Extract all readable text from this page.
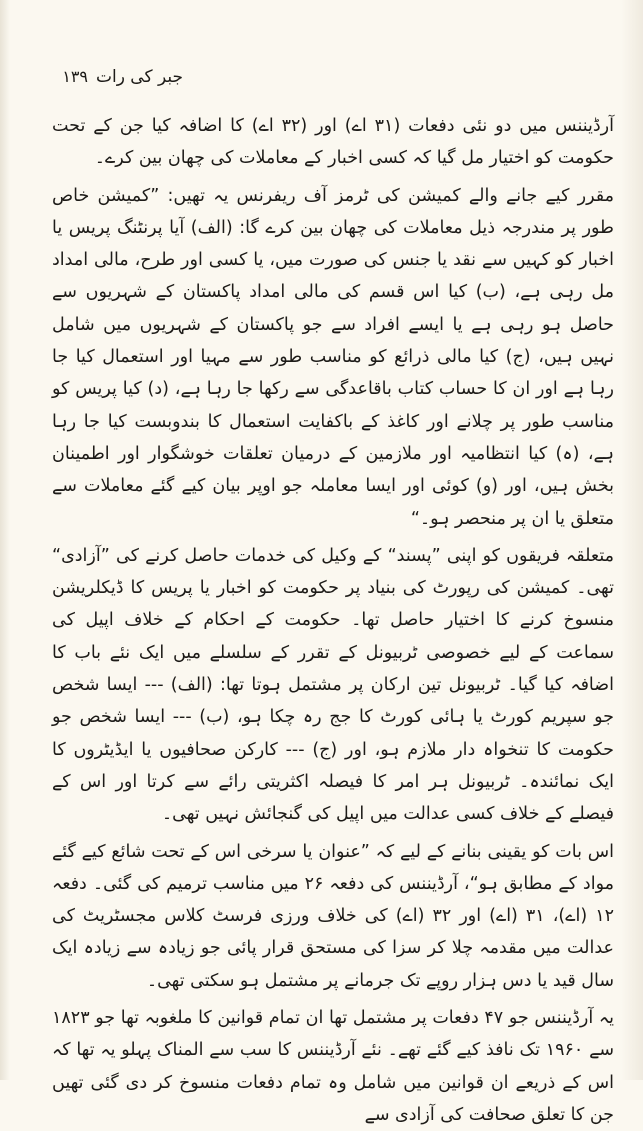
جبر کی رات
۱۳۹

آرڈیننس میں دو نئی دفعات (۳۱ اے) اور (۳۲ اے) کا اضافہ کیا جن کے تحت حکومت کو اختیار مل گیا کہ کسی اخبار کے معاملات کی چھان بین کرے۔

مقرر کیے جانے والے کمیشن کی ٹرمز آف ریفرنس یہ تھیں: ”کمیشن خاص طور پر مندرجہ ذیل معاملات کی چھان بین کرے گا: (الف) آیا پرنٹنگ پریس یا اخبار کو کہیں سے نقد یا جنس کی صورت میں، یا کسی اور طرح، مالی امداد مل رہی ہے، (ب) کیا اس قسم کی مالی امداد پاکستان کے شہریوں سے حاصل ہو رہی ہے یا ایسے افراد سے جو پاکستان کے شہریوں میں شامل نہیں ہیں، (ج) کیا مالی ذرائع کو مناسب طور سے مہیا اور استعمال کیا جا رہا ہے اور ان کا حساب کتاب باقاعدگی سے رکھا جا رہا ہے، (د) کیا پریس کو مناسب طور پر چلانے اور کاغذ کے باکفایت استعمال کا بندوبست کیا جا رہا ہے، (ہ) کیا انتظامیہ اور ملازمین کے درمیان تعلقات خوشگوار اور اطمینان بخش ہیں، اور (و) کوئی اور ایسا معاملہ جو اوپر بیان کیے گئے معاملات سے متعلق یا ان پر منحصر ہو۔“

متعلقہ فریقوں کو اپنی ”پسند“ کے وکیل کی خدمات حاصل کرنے کی ”آزادی“ تھی۔ کمیشن کی رپورٹ کی بنیاد پر حکومت کو اخبار یا پریس کا ڈیکلریشن منسوخ کرنے کا اختیار حاصل تھا۔ حکومت کے احکام کے خلاف اپیل کی سماعت کے لیے خصوصی ٹربیونل کے تقرر کے سلسلے میں ایک نئے باب کا اضافہ کیا گیا۔ ٹربیونل تین ارکان پر مشتمل ہوتا تھا: (الف) --- ایسا شخص جو سپریم کورٹ یا ہائی کورٹ کا جج رہ چکا ہو، (ب) --- ایسا شخص جو حکومت کا تنخواہ دار ملازم ہو، اور (ج) --- کارکن صحافیوں یا ایڈیٹروں کا ایک نمائندہ۔ ٹربیونل ہر امر کا فیصلہ اکثریتی رائے سے کرتا اور اس کے فیصلے کے خلاف کسی عدالت میں اپیل کی گنجائش نہیں تھی۔

اس بات کو یقینی بنانے کے لیے کہ ”عنوان یا سرخی اس کے تحت شائع کیے گئے مواد کے مطابق ہو“، آرڈیننس کی دفعہ ۲۶ میں مناسب ترمیم کی گئی۔ دفعہ ۱۲ (اے)، ۳۱ (اے) اور ۳۲ (اے) کی خلاف ورزی فرسٹ کلاس مجسٹریٹ کی عدالت میں مقدمہ چلا کر سزا کی مستحق قرار پائی جو زیادہ سے زیادہ ایک سال قید یا دس ہزار روپے تک جرمانے پر مشتمل ہو سکتی تھی۔

یہ آرڈیننس جو ۴۷ دفعات پر مشتمل تھا ان تمام قوانین کا ملغوبہ تھا جو ۱۸۲۳ سے ۱۹۶۰ تک نافذ کیے گئے تھے۔ نئے آرڈیننس کا سب سے المناک پہلو یہ تھا کہ اس کے ذریعے ان قوانین میں شامل وہ تمام دفعات منسوخ کر دی گئی تھیں جن کا تعلق صحافت کی آزادی سے
